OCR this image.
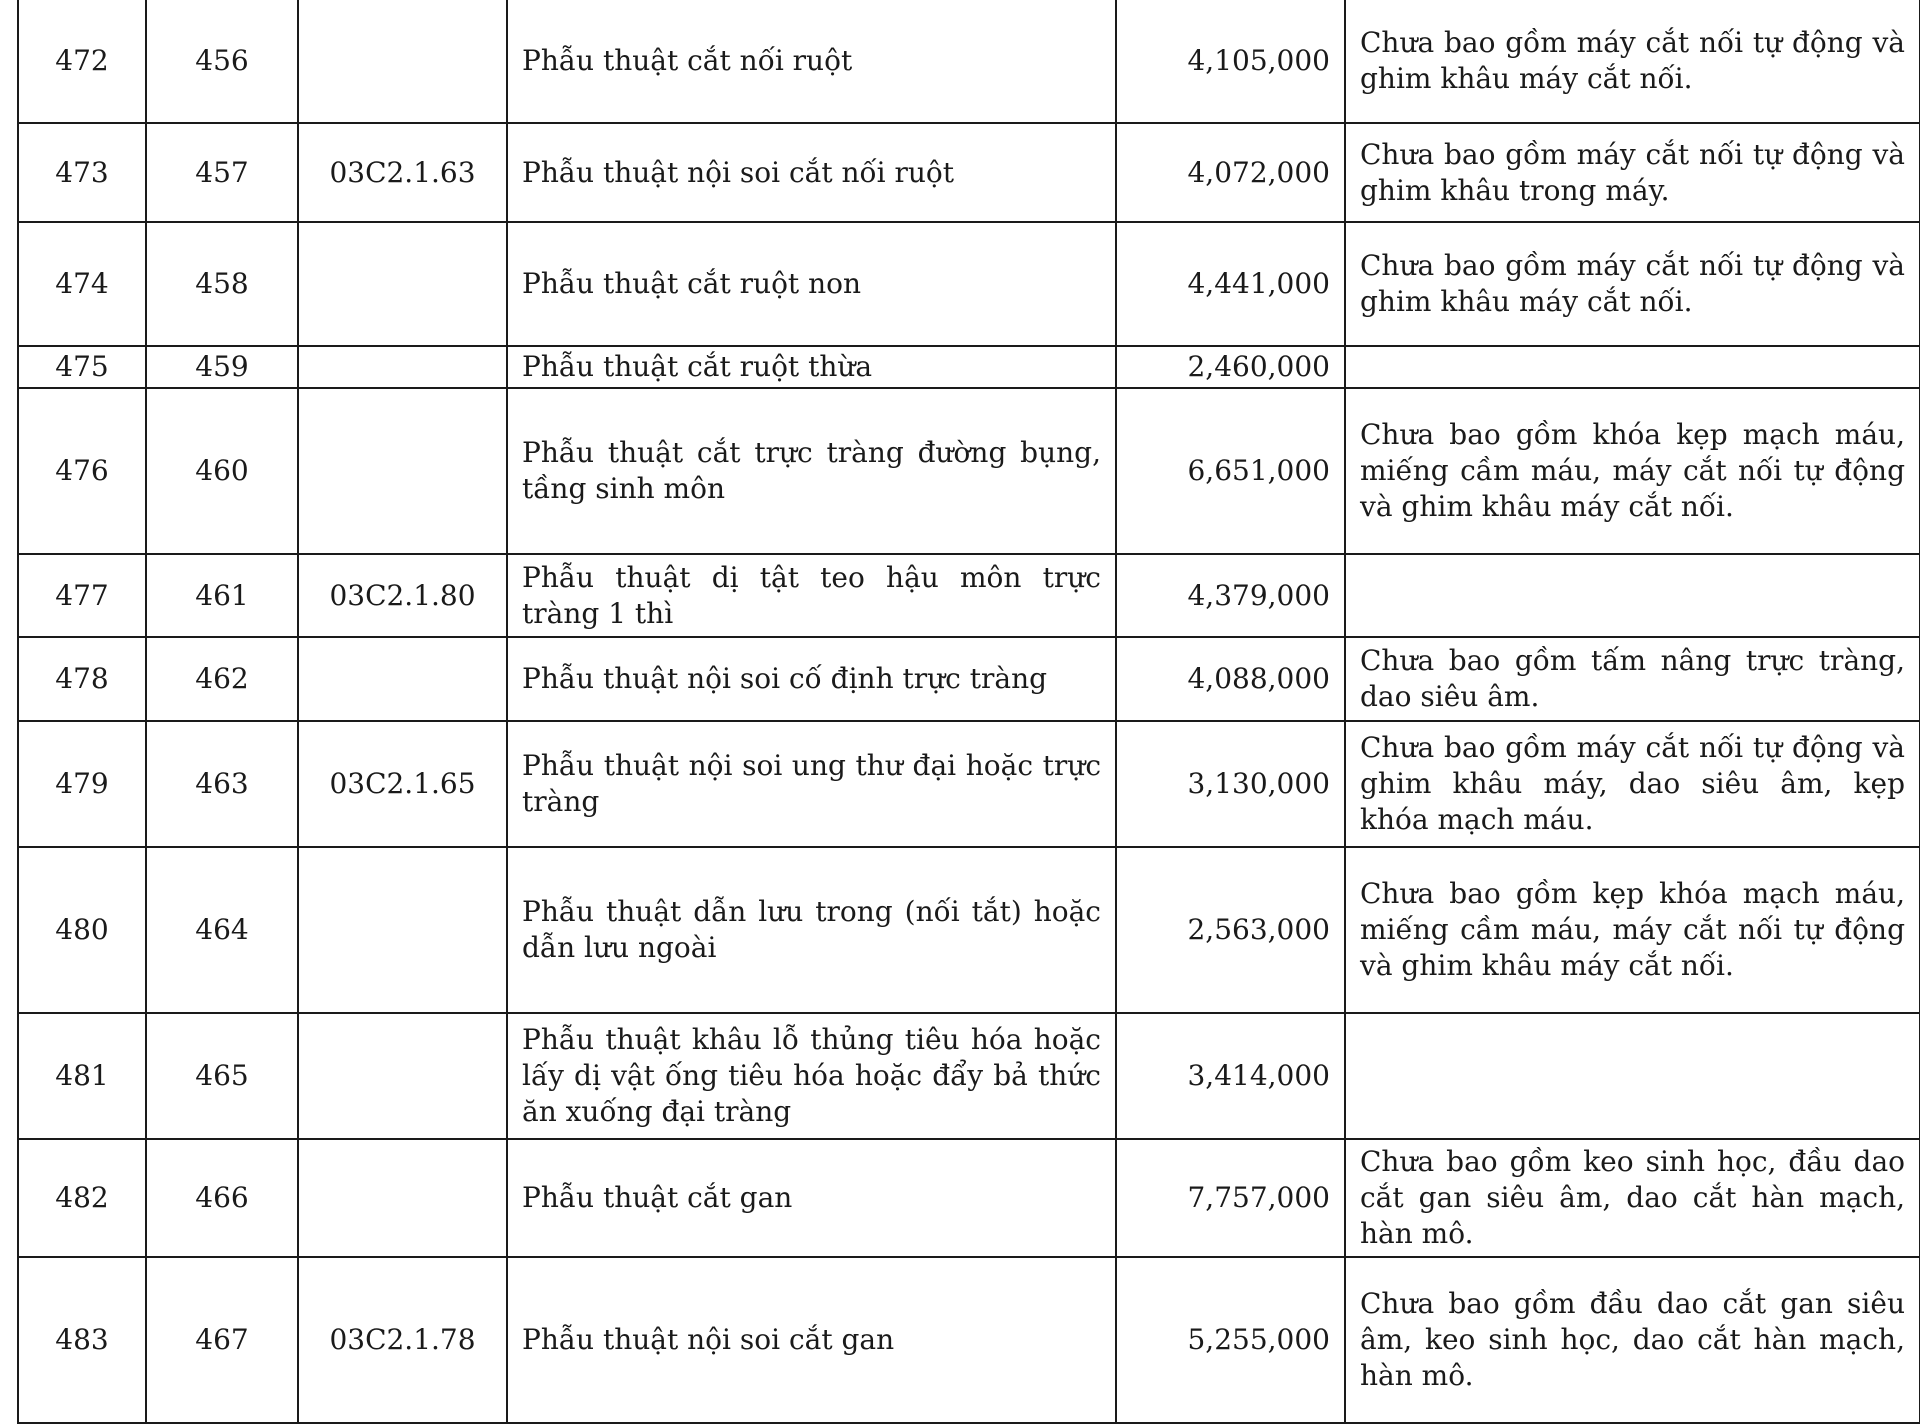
472	456		Phẫu thuật cắt nối ruột	4,105,000	Chưa bao gồm máy cắt nối tự động và ghim khâu máy cắt nối.
473	457	03C2.1.63	Phẫu thuật nội soi cắt nối ruột	4,072,000	Chưa bao gồm máy cắt nối tự động và ghim khâu trong máy.
474	458		Phẫu thuật cắt ruột non	4,441,000	Chưa bao gồm máy cắt nối tự động và ghim khâu máy cắt nối.
475	459		Phẫu thuật cắt ruột thừa	2,460,000	
476	460		Phẫu thuật cắt trực tràng đường bụng, tầng sinh môn	6,651,000	Chưa bao gồm khóa kẹp mạch máu, miếng cầm máu, máy cắt nối tự động và ghim khâu máy cắt nối.
477	461	03C2.1.80	Phẫu thuật dị tật teo hậu môn trực tràng 1 thì	4,379,000	
478	462		Phẫu thuật nội soi cố định trực tràng	4,088,000	Chưa bao gồm tấm nâng trực tràng, dao siêu âm.
479	463	03C2.1.65	Phẫu thuật nội soi ung thư đại hoặc trực tràng	3,130,000	Chưa bao gồm máy cắt nối tự động và ghim khâu máy, dao siêu âm, kẹp khóa mạch máu.
480	464		Phẫu thuật dẫn lưu trong (nối tắt) hoặc dẫn lưu ngoài	2,563,000	Chưa bao gồm kẹp khóa mạch máu, miếng cầm máu, máy cắt nối tự động và ghim khâu máy cắt nối.
481	465		Phẫu thuật khâu lỗ thủng tiêu hóa hoặc lấy dị vật ống tiêu hóa hoặc đẩy bả thức ăn xuống đại tràng	3,414,000	
482	466		Phẫu thuật cắt gan	7,757,000	Chưa bao gồm keo sinh học, đầu dao cắt gan siêu âm, dao cắt hàn mạch, hàn mô.
483	467	03C2.1.78	Phẫu thuật nội soi cắt gan	5,255,000	Chưa bao gồm đầu dao cắt gan siêu âm, keo sinh học, dao cắt hàn mạch, hàn mô.
